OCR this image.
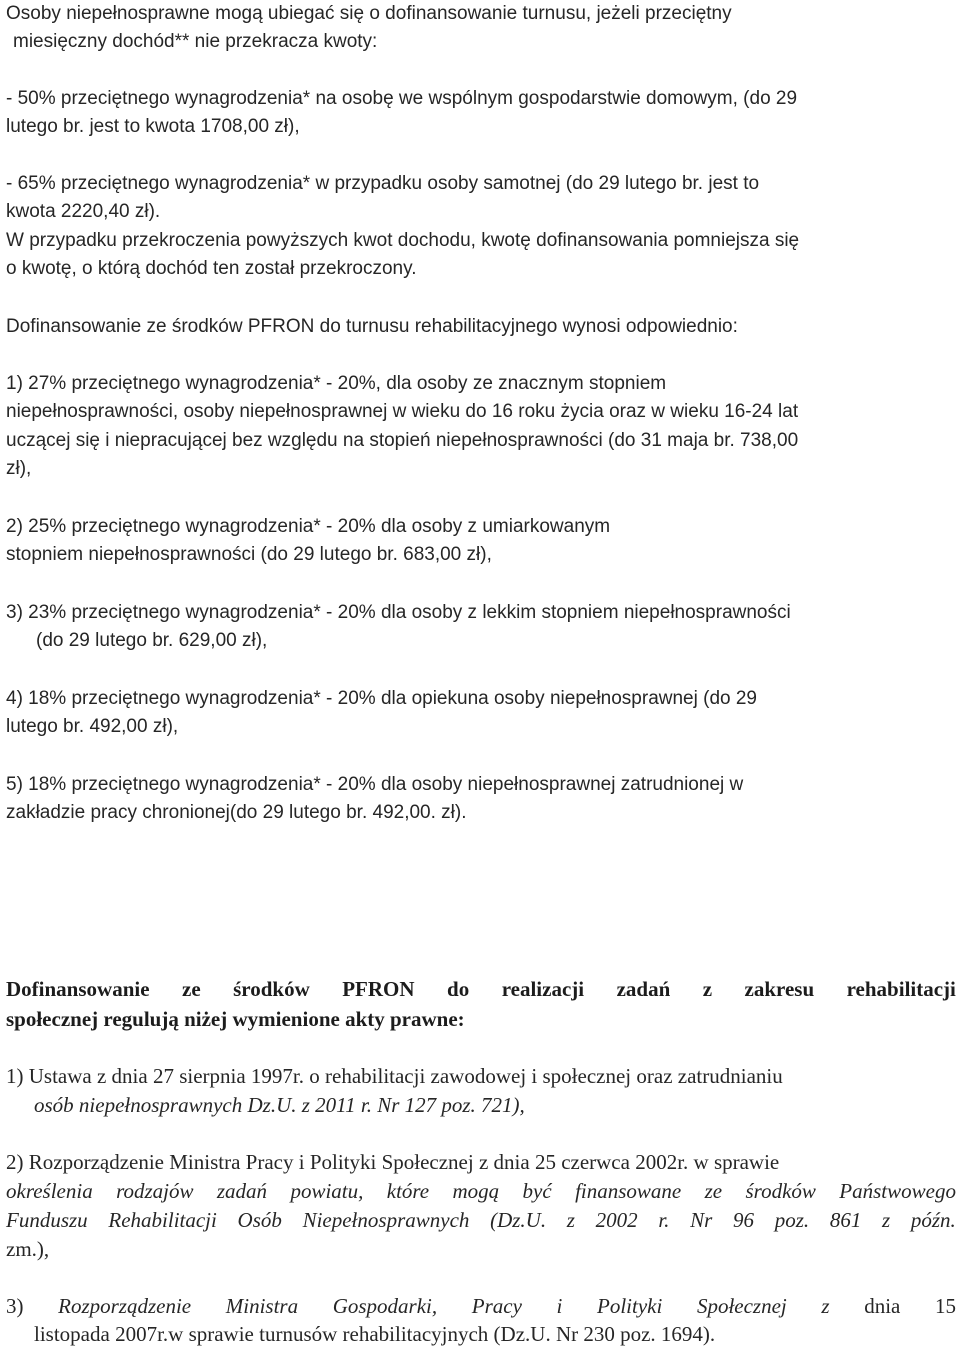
Osoby niepełnosprawne mogą ubiegać się o dofinansowanie turnusu, jeżeli przeciętny
miesięczny dochód** nie przekracza kwoty:
- 50% przeciętnego wynagrodzenia* na osobę we wspólnym gospodarstwie domowym, (do 29
lutego br. jest to kwota 1708,00 zł),
- 65% przeciętnego wynagrodzenia* w przypadku osoby samotnej (do 29 lutego br. jest to
kwota 2220,40 zł).
W przypadku przekroczenia powyższych kwot dochodu, kwotę dofinansowania pomniejsza się
o kwotę, o którą dochód ten został przekroczony.
Dofinansowanie ze środków PFRON do turnusu rehabilitacyjnego wynosi odpowiednio:
1) 27% przeciętnego wynagrodzenia* - 20%, dla osoby ze znacznym stopniem
niepełnosprawności, osoby niepełnosprawnej w wieku do 16 roku życia oraz w wieku 16-24 lat
uczącej się i niepracującej bez względu na stopień niepełnosprawności (do 31 maja br. 738,00
zł),
2) 25% przeciętnego wynagrodzenia* - 20% dla osoby z umiarkowanym
stopniem niepełnosprawności (do 29 lutego br. 683,00 zł),
3) 23% przeciętnego wynagrodzenia* - 20% dla osoby z lekkim stopniem niepełnosprawności
(do 29 lutego br. 629,00 zł),
4) 18% przeciętnego wynagrodzenia* - 20% dla opiekuna osoby niepełnosprawnej (do 29
lutego br. 492,00 zł),
5) 18% przeciętnego wynagrodzenia* - 20% dla osoby niepełnosprawnej zatrudnionej w
zakładzie pracy chronionej(do 29 lutego br. 492,00. zł).
Dofinansowanie ze środków PFRON do realizacji zadań z zakresu rehabilitacji
społecznej regulują niżej wymienione akty prawne:
1) Ustawa z dnia 27 sierpnia 1997r. o rehabilitacji zawodowej i społecznej oraz zatrudnianiu
osób niepełnosprawnych Dz.U. z 2011 r. Nr 127 poz. 721),
2) Rozporządzenie Ministra Pracy i Polityki Społecznej z dnia 25 czerwca 2002r. w sprawie
określenia rodzajów zadań powiatu, które mogą być finansowane ze środków Państwowego
Funduszu Rehabilitacji Osób Niepełnosprawnych (Dz.U. z 2002 r. Nr 96 poz. 861 z późn.
zm.),
3) Rozporządzenie Ministra Gospodarki, Pracy i Polityki Społecznej z dnia 15
listopada 2007r.w sprawie turnusów rehabilitacyjnych (Dz.U. Nr 230 poz. 1694).
